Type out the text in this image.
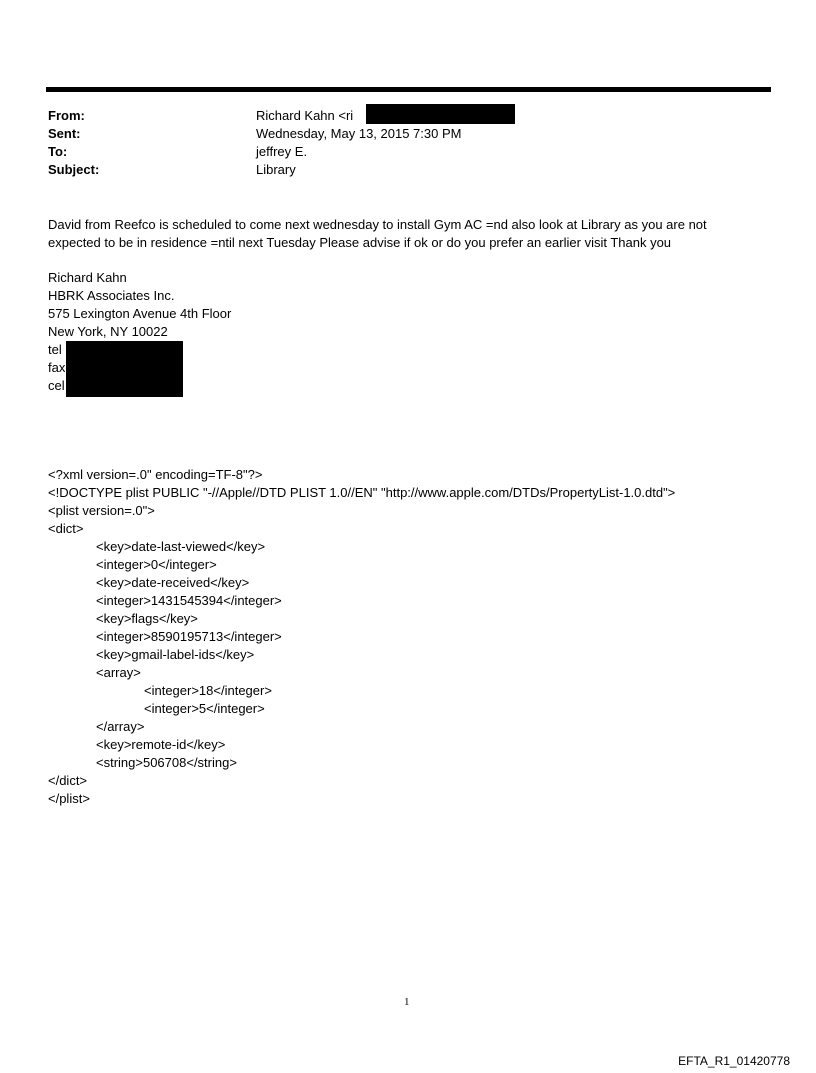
From:	Richard Kahn <ri
Sent:	Wednesday, May 13, 2015 7:30 PM
To:	jeffrey E.
Subject:	Library
David from Reefco is scheduled to come next wednesday to install Gym AC =nd also look at Library as you are not expected to be in residence =ntil next Tuesday Please advise if ok or do you prefer an earlier visit Thank you
Richard Kahn
HBRK Associates Inc.
575 Lexington Avenue 4th Floor
New York, NY 10022
tel
fax
cel
<?xml version=.0" encoding=TF-8"?>
<!DOCTYPE plist PUBLIC "-//Apple//DTD PLIST 1.0//EN" "http://www.apple.com/DTDs/PropertyList-1.0.dtd">
<plist version=.0">
<dict>
<key>date-last-viewed</key>
<integer>0</integer>
<key>date-received</key>
<integer>1431545394</integer>
<key>flags</key>
<integer>8590195713</integer>
<key>gmail-label-ids</key>
<array>
<integer>18</integer>
<integer>5</integer>
</array>
<key>remote-id</key>
<string>506708</string>
</dict>
</plist>
1
EFTA_R1_01420778
